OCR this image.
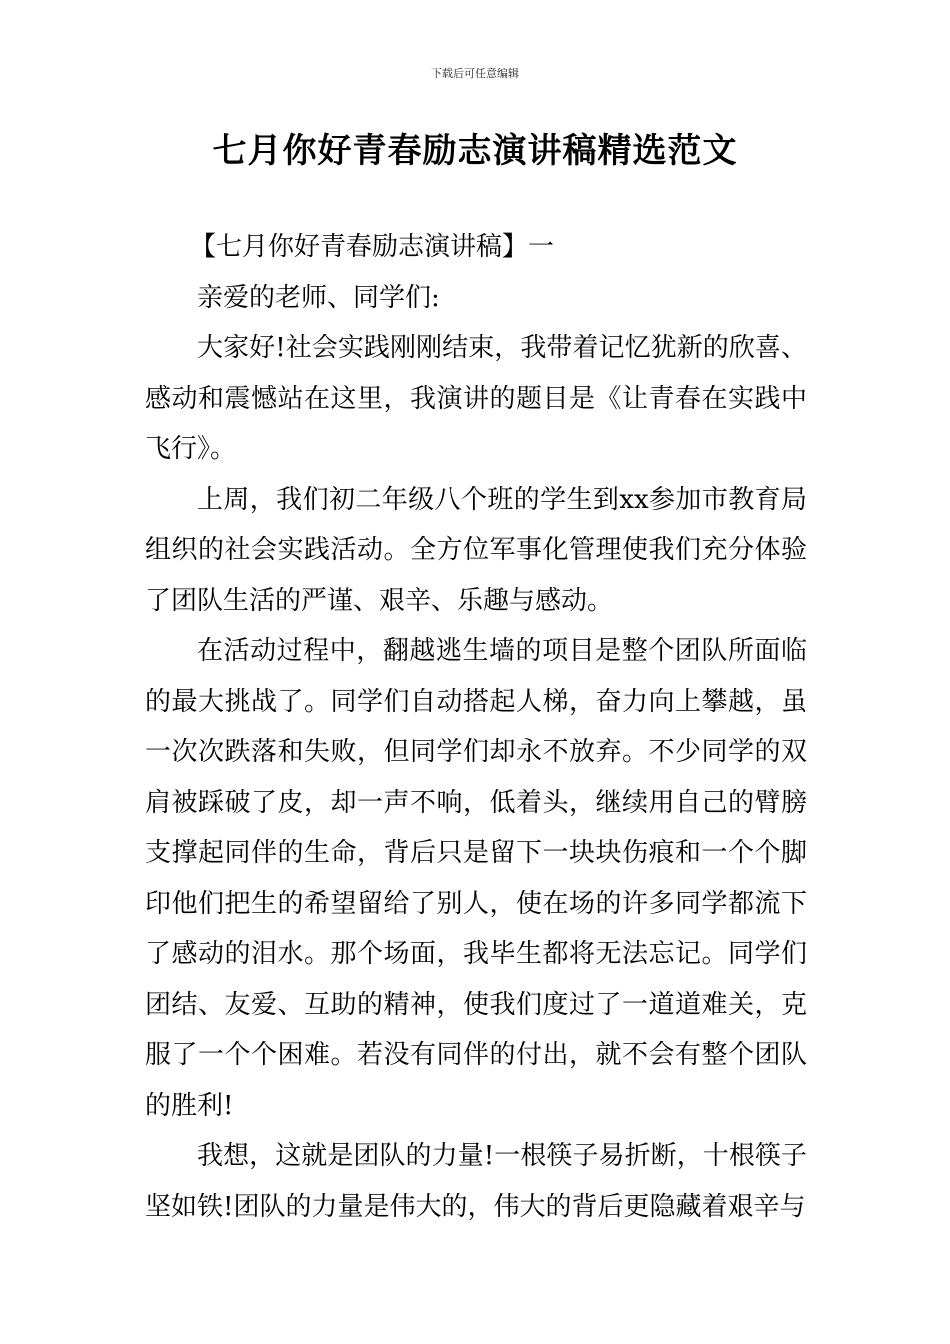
下载后可任意编辑
七月你好青春励志演讲稿精选范文

【七月你好青春励志演讲稿】一

亲爱的老师、同学们:

大家好!社会实践刚刚结束，我带着记忆犹新的欣喜、感动和震憾站在这里，我演讲的题目是《让青春在实践中飞行》。

上周，我们初二年级八个班的学生到xx参加市教育局组织的社会实践活动。全方位军事化管理使我们充分体验了团队生活的严谨、艰辛、乐趣与感动。

在活动过程中，翻越逃生墙的项目是整个团队所面临的最大挑战了。同学们自动搭起人梯，奋力向上攀越，虽一次次跌落和失败，但同学们却永不放弃。不少同学的双肩被踩破了皮，却一声不响，低着头，继续用自己的臂膀支撑起同伴的生命，背后只是留下一块块伤痕和一个个脚印他们把生的希望留给了别人，使在场的许多同学都流下了感动的泪水。那个场面，我毕生都将无法忘记。同学们团结、友爱、互助的精神，使我们度过了一道道难关，克服了一个个困难。若没有同伴的付出，就不会有整个团队的胜利!

我想，这就是团队的力量!一根筷子易折断，十根筷子坚如铁!团队的力量是伟大的，伟大的背后更隐藏着艰辛与
